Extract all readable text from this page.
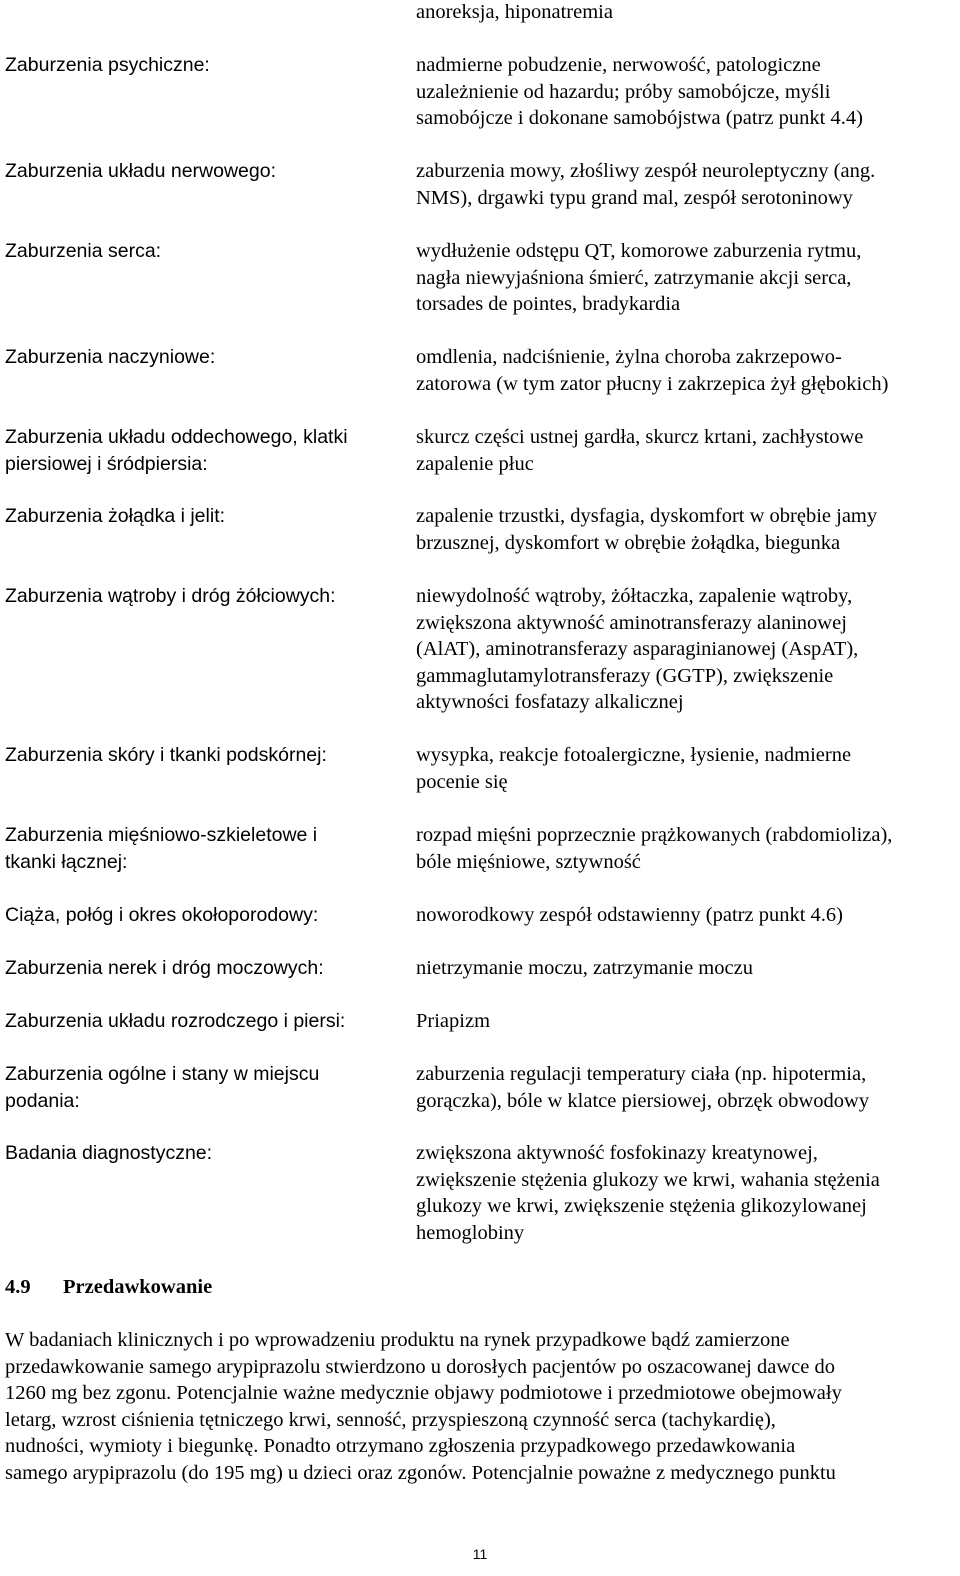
anoreksja, hiponatremia
Zaburzenia psychiczne:	nadmierne pobudzenie, nerwowość, patologiczne
uzależnienie od hazardu; próby samobójcze, myśli
samobójcze i dokonane samobójstwa (patrz punkt 4.4)
Zaburzenia układu nerwowego:	zaburzenia mowy, złośliwy zespół neuroleptyczny (ang.
NMS), drgawki typu grand mal, zespół serotoninowy
Zaburzenia serca:	wydłużenie odstępu QT, komorowe zaburzenia rytmu,
nagła niewyjaśniona śmierć, zatrzymanie akcji serca,
torsades de pointes, bradykardia
Zaburzenia naczyniowe:	omdlenia, nadciśnienie, żylna choroba zakrzepowo-
zatorowa (w tym zator płucny i zakrzepica żył głębokich)
Zaburzenia układu oddechowego, klatki
piersiowej i śródpiersia:
skurcz części ustnej gardła, skurcz krtani, zachłystowe
zapalenie płuc
Zaburzenia żołądka i jelit:	zapalenie trzustki, dysfagia, dyskomfort w obrębie jamy
brzusznej, dyskomfort w obrębie żołądka, biegunka
Zaburzenia wątroby i dróg żółciowych:	niewydolność wątroby, żółtaczka, zapalenie wątroby,
zwiększona aktywność aminotransferazy alaninowej
(AlAT), aminotransferazy asparaginianowej (AspAT),
gammaglutamylotransferazy (GGTP), zwiększenie
aktywności fosfatazy alkalicznej
Zaburzenia skóry i tkanki podskórnej:	wysypka, reakcje fotoalergiczne, łysienie, nadmierne
pocenie się
Zaburzenia mięśniowo-szkieletowe i
tkanki łącznej:
rozpad mięśni poprzecznie prążkowanych (rabdomioliza),
bóle mięśniowe, sztywność
Ciąża, połóg i okres okołoporodowy:	noworodkowy zespół odstawienny (patrz punkt 4.6)
Zaburzenia nerek i dróg moczowych:	nietrzymanie moczu, zatrzymanie moczu
Zaburzenia układu rozrodczego i piersi:	Priapizm
Zaburzenia ogólne i stany w miejscu
podania:
zaburzenia regulacji temperatury ciała (np. hipotermia,
gorączka), bóle w klatce piersiowej, obrzęk obwodowy
Badania diagnostyczne:	zwiększona aktywność fosfokinazy kreatynowej,
zwiększenie stężenia glukozy we krwi, wahania stężenia
glukozy we krwi, zwiększenie stężenia glikozylowanej
hemoglobiny
4.9 Przedawkowanie
W badaniach klinicznych i po wprowadzeniu produktu na rynek przypadkowe bądź zamierzone
przedawkowanie samego arypiprazolu stwierdzono u dorosłych pacjentów po oszacowanej dawce do
1260 mg bez zgonu. Potencjalnie ważne medycznie objawy podmiotowe i przedmiotowe obejmowały
letarg, wzrost ciśnienia tętniczego krwi, senność, przyspieszoną czynność serca (tachykardię),
nudności, wymioty i biegunkę. Ponadto otrzymano zgłoszenia przypadkowego przedawkowania
samego arypiprazolu (do 195 mg) u dzieci oraz zgonów. Potencjalnie poważne z medycznego punktu
11
